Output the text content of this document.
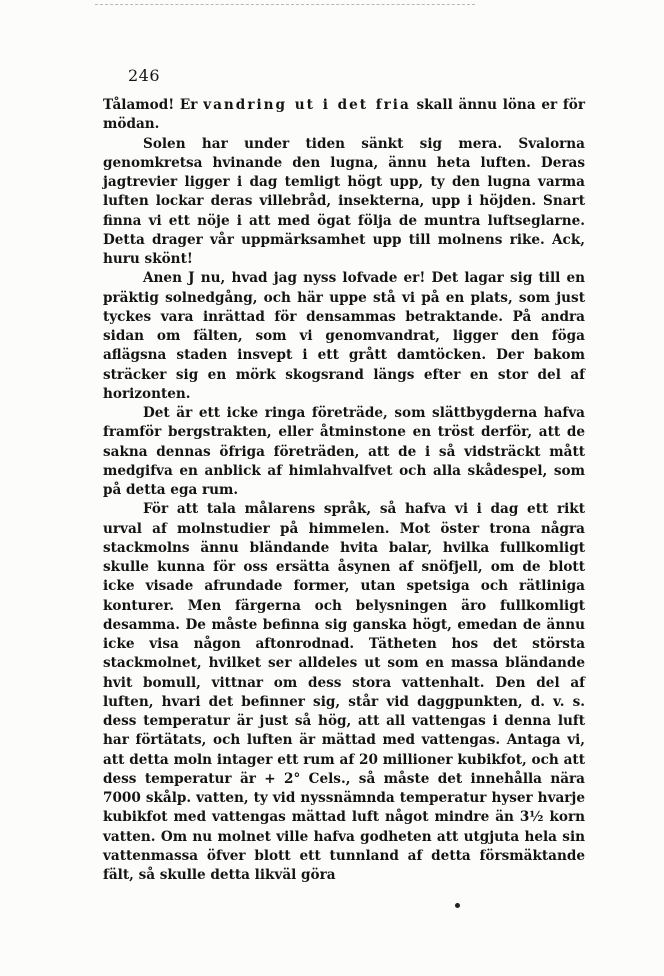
246

Tålamod! Er vandring ut i det fria skall ännu löna er för mödan.

Solen har under tiden sänkt sig mera. Svalorna genomkretsa hvinande den lugna, ännu heta luften. Deras jagtrevier ligger i dag temligt högt upp, ty den lugna varma luften lockar deras villebråd, insekterna, upp i höjden. Snart finna vi ett nöje i att med ögat följa de muntra luftseglarne. Detta drager vår uppmärksamhet upp till molnens rike. Ack, huru skönt!

Anen J nu, hvad jag nyss lofvade er! Det lagar sig till en präktig solnedgång, och här uppe stå vi på en plats, som just tyckes vara inrättad för densammas betraktande. På andra sidan om fälten, som vi genomvandrat, ligger den föga aflägsna staden insvept i ett grått damtöcken. Der bakom sträcker sig en mörk skogsrand längs efter en stor del af horizonten.

Det är ett icke ringa företräde, som slättbygderna hafva framför bergstrakten, eller åtminstone en tröst derför, att de sakna dennas öfriga företräden, att de i så vidsträckt mått medgifva en anblick af himlahvalfvet och alla skådespel, som på detta ega rum.

För att tala målarens språk, så hafva vi i dag ett rikt urval af molnstudier på himmelen. Mot öster trona några stackmolns ännu bländande hvita balar, hvilka fullkomligt skulle kunna för oss ersätta åsynen af snöfjell, om de blott icke visade afrundade former, utan spetsiga och rätliniga konturer. Men färgerna och belysningen äro fullkomligt desamma. De måste befinna sig ganska högt, emedan de ännu icke visa någon aftonrodnad. Tätheten hos det största stackmolnet, hvilket ser alldeles ut som en massa bländande hvit bomull, vittnar om dess stora vattenhalt. Den del af luften, hvari det befinner sig, står vid daggpunkten, d. v. s. dess temperatur är just så hög, att all vattengas i denna luft har förtätats, och luften är mättad med vattengas. Antaga vi, att detta moln intager ett rum af 20 millioner kubikfot, och att dess temperatur är + 2° Cels., så måste det innehålla nära 7000 skålp. vatten, ty vid nyssnämnda temperatur hyser hvarje kubikfot med vattengas mättad luft något mindre än 3½ korn vatten. Om nu molnet ville hafva godheten att utgjuta hela sin vattenmassa öfver blott ett tunnland af detta försmäktande fält, så skulle detta likväl göra
